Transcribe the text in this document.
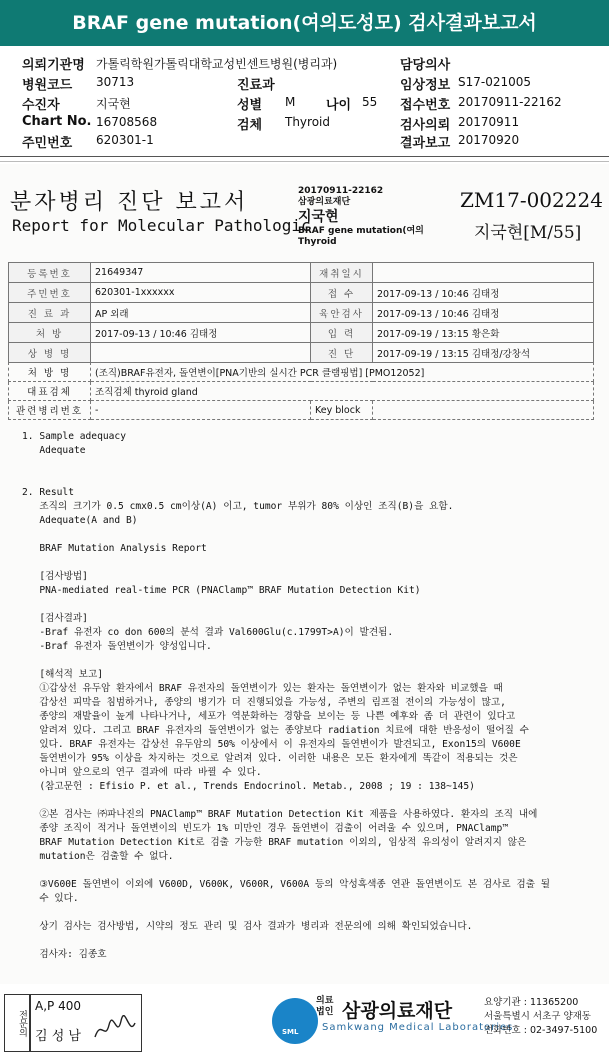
BRAF gene mutation(여의도성모) 검사결과보고서
의뢰기관명 가톨릭학원가톨릭대학교성빈센트병원(병리과)	담당의사
병원코드 30713	진료과	임상정보 S17-021005
수진자	지국현	성별 M 나이 55 접수번호 20170911-22162
Chart No. 16708568	검체 Thyroid	검사의뢰 20170911
주민번호 620301-1	결과보고 20170920
분자병리 진단 보고서
Report for Molecular Pathologic
20170911-22162
삼광의료재단
지국현
BRAF gene mutation(여의
Thyroid
ZM17-002224
지국현[M/55]
등록번호	21649347	재취일시	
주민번호	620301-1xxxxxx	접 수	2017-09-13 / 10:46 김태정
진 료 과	AP 외래	육안검사	2017-09-13 / 10:46 김태정
처 방	2017-09-13 / 10:46 김태정	입 력	2017-09-19 / 13:15 황은화
상 병 명		진 단	2017-09-19 / 13:15 김태정/강창석
처 방 명	(조직)BRAF유전자, 돌연변이[PNA기반의 실시간 PCR 클램핑법] [PMO12052]		
대표검체	조직검체 thyroid gland		
관련병리번호	-	Key block	

1. Sample adequacy

Adequate

2. Result

조직의 크기가 0.5 cmx0.5 cm이상(A) 이고, tumor 부위가 80% 이상인 조직(B)을 요함.

Adequate(A and B)

BRAF Mutation Analysis Report

[검사방법]

PNA-mediated real-time PCR (PNAClamp™ BRAF Mutation Detection Kit)

[검사결과]

-Braf 유전자 co don 600의 분석 결과 Val600Glu(c.1799T>A)이 발견됨.

-Braf 유전자 돌연변이가 양성입니다.

[해석적 보고]

①갑상선 유두암 환자에서 BRAF 유전자의 돌연변이가 있는 환자는 돌연변이가 없는 환자와 비교했을 때

갑상선 피막을 침범하거나, 종양의 병기가 더 진행되었을 가능성, 주변의 림프절 전이의 가능성이 많고,

종양의 재발율이 높게 나타나거나, 세포가 역분화하는 경향을 보이는 등 나쁜 예후와 좀 더 관련이 있다고

알려져 있다. 그리고 BRAF 유전자의 돌연변이가 없는 종양보다 radiation 치료에 대한 반응성이 떨어질 수

있다. BRAF 유전자는 갑상선 유두암의 50% 이상에서 이 유전자의 돌연변이가 발견되고, Exon15의 V600E

돌연변이가 95% 이상을 차지하는 것으로 알려져 있다. 이러한 내용은 모든 환자에게 똑같이 적용되는 것은

아니며 앞으로의 연구 결과에 따라 바뀔 수 있다.

(참고문헌 : Efisio P. et al., Trends Endocrinol. Metab., 2008 ; 19 : 138~145)

②본 검사는 ㈜파나진의 PNAClamp™ BRAF Mutation Detection Kit 제품을 사용하였다. 환자의 조직 내에

종양 조직이 적거나 돌연변이의 빈도가 1% 미만인 경우 돌연변이 검출이 어려울 수 있으며, PNAClamp™

BRAF Mutation Detection Kit로 검출 가능한 BRAF mutation 이외의, 임상적 유의성이 알려지지 않은

mutation은 검출할 수 없다.

③V600E 돌연변이 이외에 V600D, V600K, V600R, V600A 등의 악성흑색종 연관 돌연변이도 본 검사로 검출 될

수 있다.

상기 검사는 검사방법, 시약의 정도 관리 및 검사 결과가 병리과 전문의에 의해 확인되었습니다.

검사자: 김종호

전문의
A,P 400
김 성 남	SML
의료법인 삼광의료재단
Samkwang Medical Laboratories
요양기관 : 11365200
서울특별시 서초구 양재동
전화번호 : 02-3497-5100
